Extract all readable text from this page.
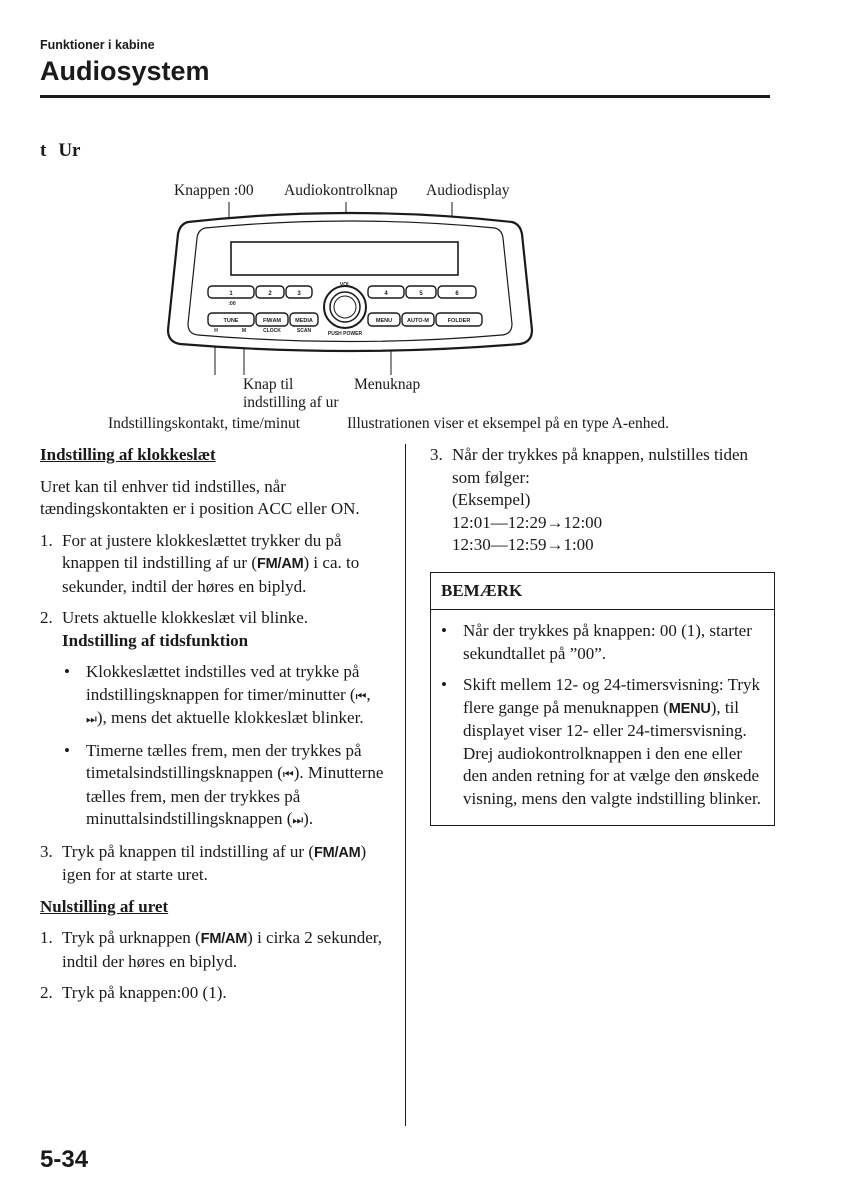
Funktioner i kabine
Audiosystem
t Ur
Knappen :00 Audiokontrolknap Audiodisplay
Knap til
indstilling af ur
Menuknap
Indstillingskontakt, time/minut	Illustrationen viser et eksempel på en type A-enhed.
1	2	3	4	5	6
:00
VOL
PUSH POWER
TUNE	FM/AM	MEDIA	MENU	AUTO-M	FOLDER
H	M	CLOCK	SCAN

Indstilling af klokkeslæt

Uret kan til enhver tid indstilles, når tændingskontakten er i position ACC eller ON.

1. For at justere klokkeslættet trykker du på knappen til indstilling af ur (FM/AM) i ca. to sekunder, indtil der høres en biplyd.
2. Urets aktuelle klokkeslæt vil blinke.
Indstilling af tidsfunktion
• Klokkeslættet indstilles ved at trykke på indstillingsknappen for timer/minutter (⏮, ⏭), mens det aktuelle klokkeslæt blinker.
• Timerne tælles frem, men der trykkes på timetalsindstillingsknappen (⏮). Minutterne tælles frem, men der trykkes på minuttalsindstillingsknappen (⏭).
3. Tryk på knappen til indstilling af ur (FM/AM) igen for at starte uret.

Nulstilling af uret

1. Tryk på urknappen (FM/AM) i cirka 2 sekunder, indtil der høres en biplyd.
2. Tryk på knappen:00 (1).
3. Når der trykkes på knappen, nulstilles tiden som følger:
(Eksempel)
12:01—12:29→12:00
12:30—12:59→1:00
BEMÆRK
• Når der trykkes på knappen: 00 (1), starter sekundtallet på ”00”.
• Skift mellem 12- og 24-timersvisning: Tryk flere gange på menuknappen (MENU), til displayet viser 12- eller 24-timersvisning. Drej audiokontrolknappen i den ene eller den anden retning for at vælge den ønskede visning, mens den valgte indstilling blinker.
5-34
